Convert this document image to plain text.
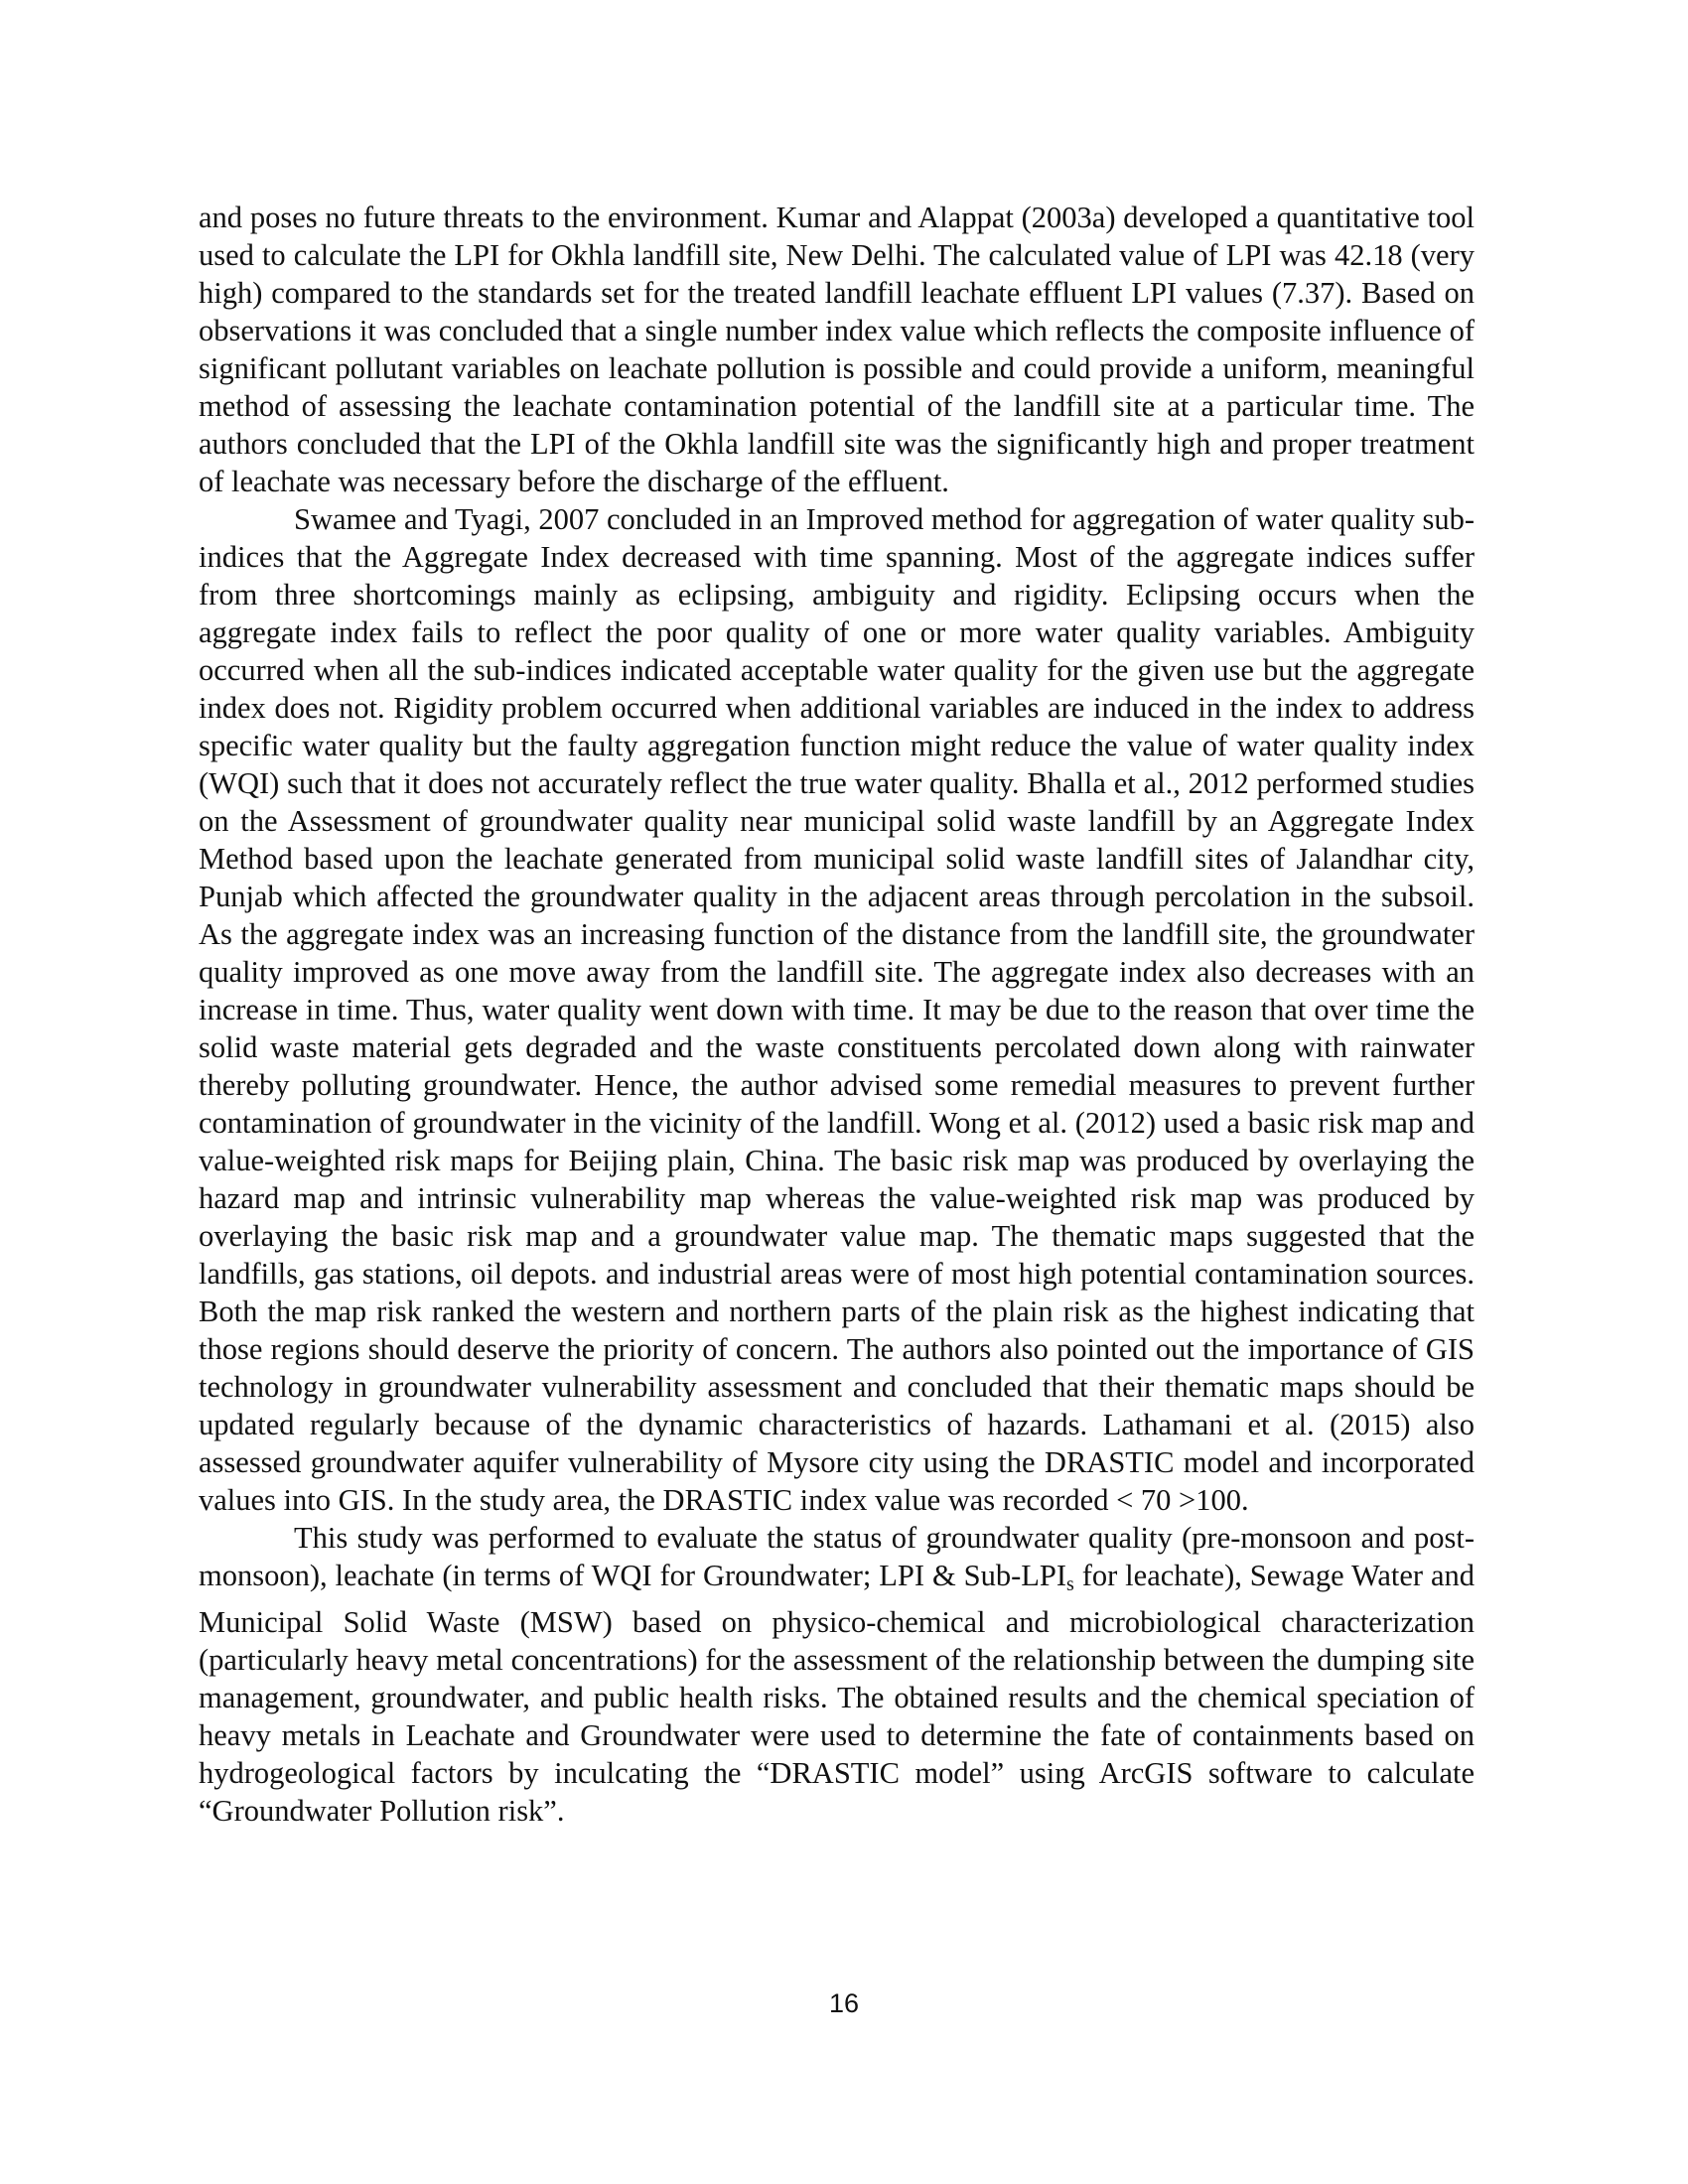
and poses no future threats to the environment. Kumar and Alappat (2003a) developed a quantitative tool used to calculate the LPI for Okhla landfill site, New Delhi. The calculated value of LPI was 42.18 (very high) compared to the standards set for the treated landfill leachate effluent LPI values (7.37). Based on observations it was concluded that a single number index value which reflects the composite influence of significant pollutant variables on leachate pollution is possible and could provide a uniform, meaningful method of assessing the leachate contamination potential of the landfill site at a particular time. The authors concluded that the LPI of the Okhla landfill site was the significantly high and proper treatment of leachate was necessary before the discharge of the effluent.

Swamee and Tyagi, 2007 concluded in an Improved method for aggregation of water quality sub-indices that the Aggregate Index decreased with time spanning. Most of the aggregate indices suffer from three shortcomings mainly as eclipsing, ambiguity and rigidity. Eclipsing occurs when the aggregate index fails to reflect the poor quality of one or more water quality variables. Ambiguity occurred when all the sub-indices indicated acceptable water quality for the given use but the aggregate index does not. Rigidity problem occurred when additional variables are induced in the index to address specific water quality but the faulty aggregation function might reduce the value of water quality index (WQI) such that it does not accurately reflect the true water quality. Bhalla et al., 2012 performed studies on the Assessment of groundwater quality near municipal solid waste landfill by an Aggregate Index Method based upon the leachate generated from municipal solid waste landfill sites of Jalandhar city, Punjab which affected the groundwater quality in the adjacent areas through percolation in the subsoil. As the aggregate index was an increasing function of the distance from the landfill site, the groundwater quality improved as one move away from the landfill site. The aggregate index also decreases with an increase in time. Thus, water quality went down with time. It may be due to the reason that over time the solid waste material gets degraded and the waste constituents percolated down along with rainwater thereby polluting groundwater. Hence, the author advised some remedial measures to prevent further contamination of groundwater in the vicinity of the landfill. Wong et al. (2012) used a basic risk map and value-weighted risk maps for Beijing plain, China. The basic risk map was produced by overlaying the hazard map and intrinsic vulnerability map whereas the value-weighted risk map was produced by overlaying the basic risk map and a groundwater value map. The thematic maps suggested that the landfills, gas stations, oil depots. and industrial areas were of most high potential contamination sources. Both the map risk ranked the western and northern parts of the plain risk as the highest indicating that those regions should deserve the priority of concern. The authors also pointed out the importance of GIS technology in groundwater vulnerability assessment and concluded that their thematic maps should be updated regularly because of the dynamic characteristics of hazards. Lathamani et al. (2015) also assessed groundwater aquifer vulnerability of Mysore city using the DRASTIC model and incorporated values into GIS. In the study area, the DRASTIC index value was recorded < 70 >100.

This study was performed to evaluate the status of groundwater quality (pre-monsoon and post-monsoon), leachate (in terms of WQI for Groundwater; LPI & Sub-$LPI_s$ for leachate), Sewage Water and Municipal Solid Waste (MSW) based on physico-chemical and microbiological characterization (particularly heavy metal concentrations) for the assessment of the relationship between the dumping site management, groundwater, and public health risks. The obtained results and the chemical speciation of heavy metals in Leachate and Groundwater were used to determine the fate of containments based on hydrogeological factors by inculcating the “DRASTIC model” using ArcGIS software to calculate “Groundwater Pollution risk”.

16
